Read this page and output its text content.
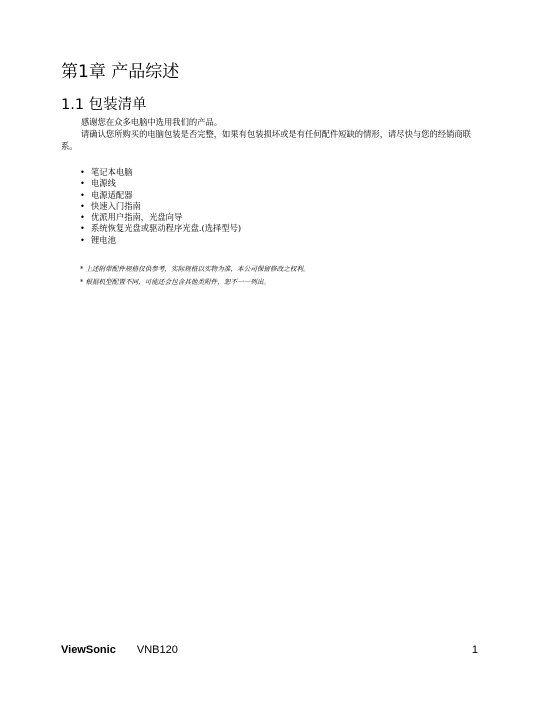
第1章 产品综述
1.1 包装清单

感谢您在众多电脑中选用我们的产品。

请确认您所购买的电脑包装是否完整，如果有包装损坏或是有任何配件短缺的情形，请尽快与您的经销商联系。

• 笔记本电脑
• 电源线
• 电源适配器
• 快速入门指南
• 优派用户指南，光盘向导
• 系统恢复光盘或驱动程序光盘.(选择型号)
• 锂电池
* 上述附带配件规格仅供参考，实际规格以实物为准，本公司保留修改之权利。
* 根据机型配置不同，可能还会包含其他类附件，恕不一一列出。
ViewSonic VNB120	1
